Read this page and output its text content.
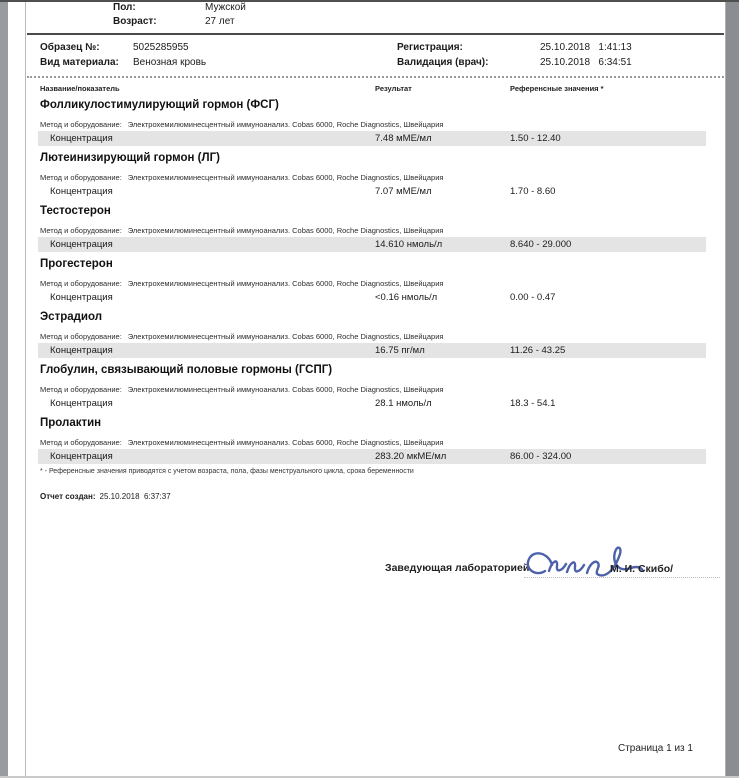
Пол:	Мужской
Возраст:	27 лет
Образец №:	5025285955	Регистрация:	25.10.2018   1:41:13
Вид материала: Венозная кровь	Валидация (врач):	25.10.2018   6:34:51
Название/показатель	Результат	Референсные значения *
Фолликулостимулирующий гормон (ФСГ)
Метод и оборудование: Электрохемилюминесцентный иммуноанализ. Cobas 6000, Roche Diagnostics, Швейцария
Концентрация	7.48 мМЕ/мл	1.50 - 12.40
Лютеинизирующий гормон (ЛГ)
Метод и оборудование: Электрохемилюминесцентный иммуноанализ. Cobas 6000, Roche Diagnostics, Швейцария
Концентрация	7.07 мМЕ/мл	1.70 - 8.60
Тестостерон
Метод и оборудование: Электрохемилюминесцентный иммуноанализ. Cobas 6000, Roche Diagnostics, Швейцария
Концентрация	14.610 нмоль/л	8.640 - 29.000
Прогестерон
Метод и оборудование: Электрохемилюминесцентный иммуноанализ. Cobas 6000, Roche Diagnostics, Швейцария
Концентрация	<0.16 нмоль/л	0.00 - 0.47
Эстрадиол
Метод и оборудование: Электрохемилюминесцентный иммуноанализ. Cobas 6000, Roche Diagnostics, Швейцария
Концентрация	16.75 пг/мл	11.26 - 43.25
Глобулин, связывающий половые гормоны (ГСПГ)
Метод и оборудование: Электрохемилюминесцентный иммуноанализ. Cobas 6000, Roche Diagnostics, Швейцария
Концентрация	28.1 нмоль/л	18.3 - 54.1
Пролактин
Метод и оборудование: Электрохемилюминесцентный иммуноанализ. Cobas 6000, Roche Diagnostics, Швейцария
Концентрация	283.20 мкМЕ/мл	86.00 - 324.00
* - Референсные значения приводятся с учетом возраста, пола, фазы менструального цикла, срока беременности
Отчет создан: 25.10.2018  6:37:37
Заведующая лабораторией	М. И. Скибо/
Страница 1 из 1
